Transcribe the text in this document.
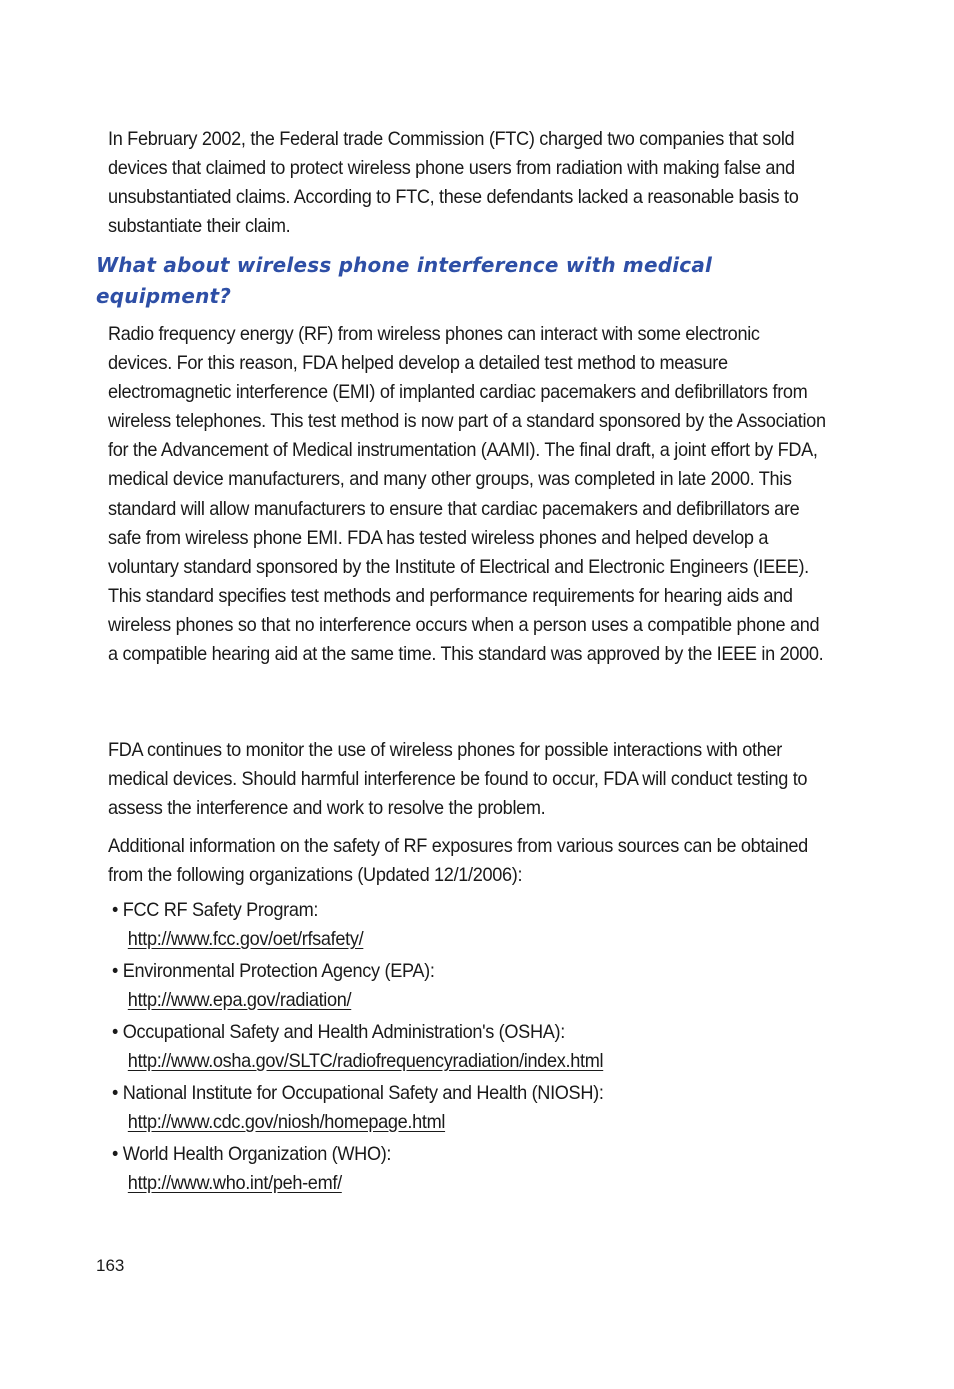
In February 2002, the Federal trade Commission (FTC) charged two companies that sold devices that claimed to protect wireless phone users from radiation with making false and unsubstantiated claims. According to FTC, these defendants lacked a reasonable basis to substantiate their claim.

What about wireless phone interference with medical equipment?

Radio frequency energy (RF) from wireless phones can interact with some electronic devices. For this reason, FDA helped develop a detailed test method to measure electromagnetic interference (EMI) of implanted cardiac pacemakers and defibrillators from wireless telephones. This test method is now part of a standard sponsored by the Association for the Advancement of Medical instrumentation (AAMI). The final draft, a joint effort by FDA, medical device manufacturers, and many other groups, was completed in late 2000. This standard will allow manufacturers to ensure that cardiac pacemakers and defibrillators are safe from wireless phone EMI. FDA has tested wireless phones and helped develop a voluntary standard sponsored by the Institute of Electrical and Electronic Engineers (IEEE). This standard specifies test methods and performance requirements for hearing aids and wireless phones so that no interference occurs when a person uses a compatible phone and a compatible hearing aid at the same time. This standard was approved by the IEEE in 2000.

FDA continues to monitor the use of wireless phones for possible interactions with other medical devices. Should harmful interference be found to occur, FDA will conduct testing to assess the interference and work to resolve the problem.

Additional information on the safety of RF exposures from various sources can be obtained from the following organizations (Updated 12/1/2006):

• FCC RF Safety Program:
http://www.fcc.gov/oet/rfsafety/
• Environmental Protection Agency (EPA):
http://www.epa.gov/radiation/
• Occupational Safety and Health Administration's (OSHA):
http://www.osha.gov/SLTC/radiofrequencyradiation/index.html
• National Institute for Occupational Safety and Health (NIOSH):
http://www.cdc.gov/niosh/homepage.html
• World Health Organization (WHO):
http://www.who.int/peh-emf/
163
